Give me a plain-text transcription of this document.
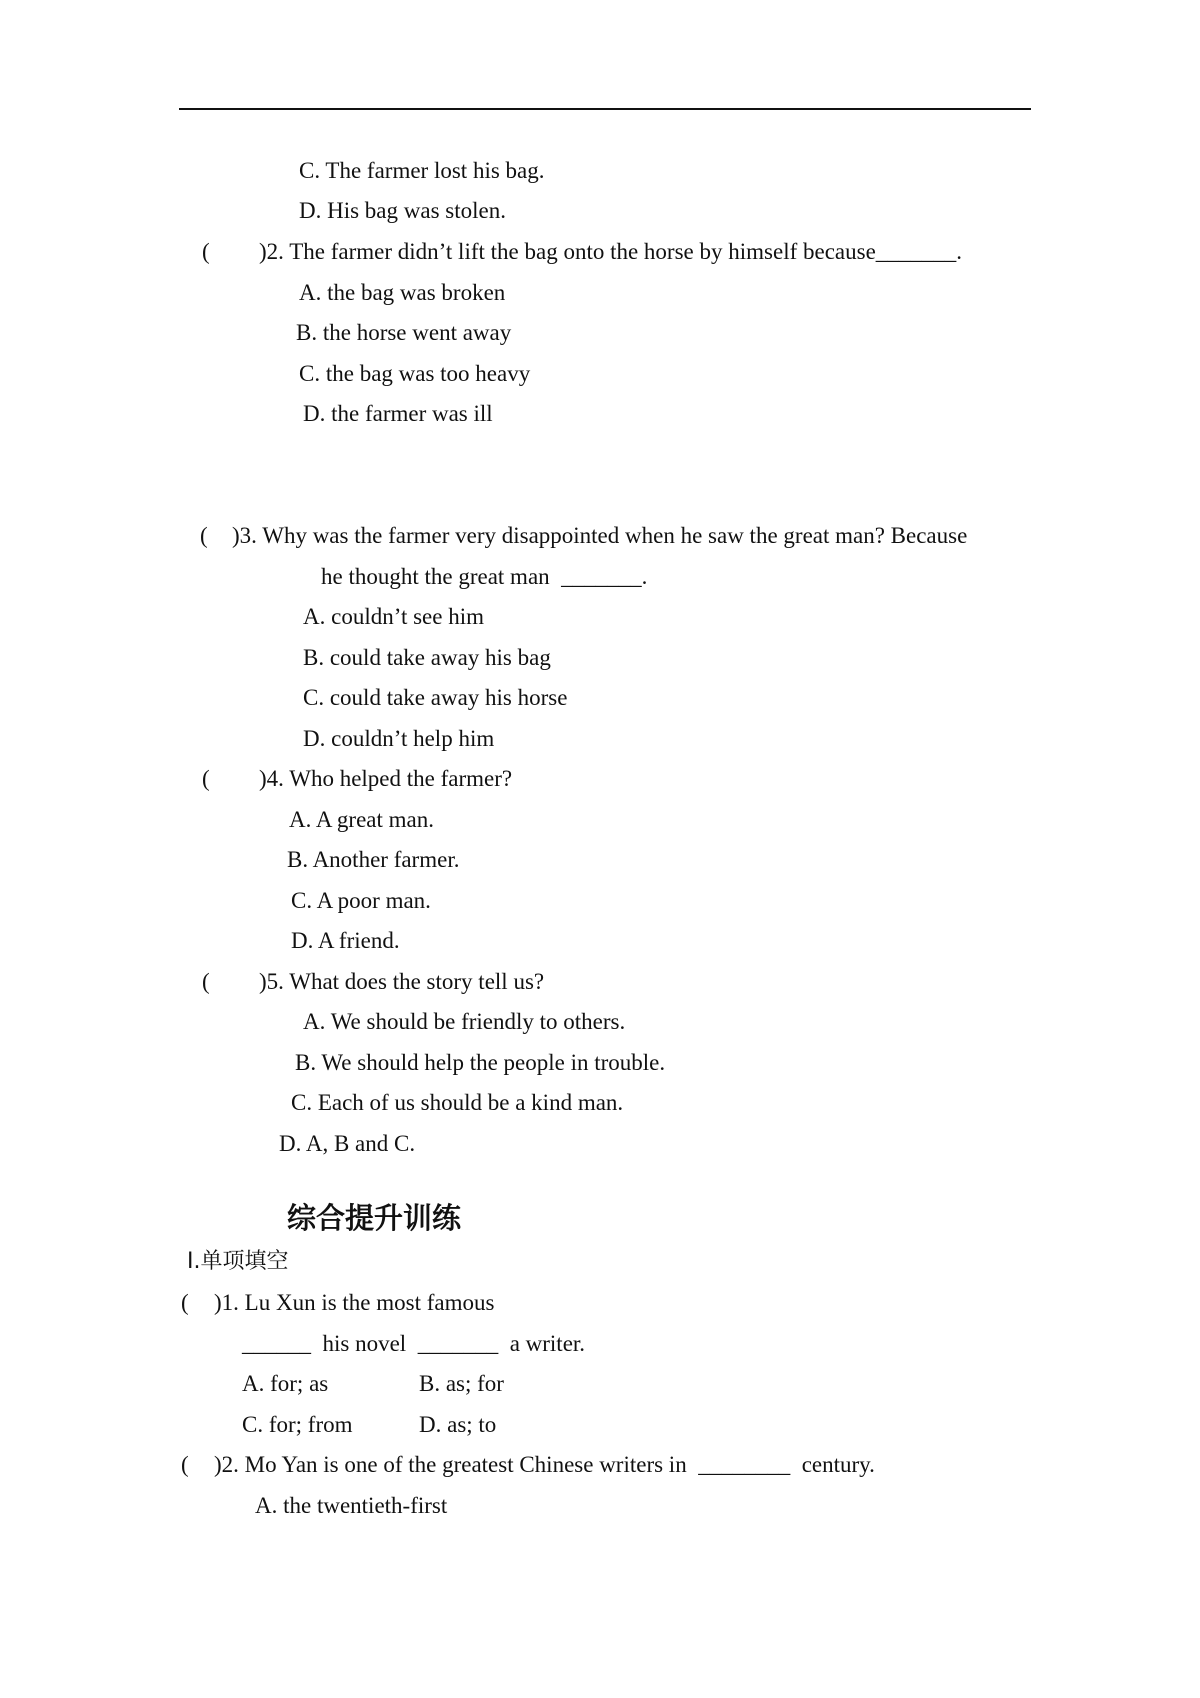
C. The farmer lost his bag.
D. His bag was stolen.
( )2. The farmer didn’t lift the bag onto the horse by himself because_______.
A. the bag was broken
B. the horse went away
C. the bag was too heavy
D. the farmer was ill
( )3. Why was the farmer very disappointed when he saw the great man? Because
he thought the great man  _______.
A. couldn’t see him
B. could take away his bag
C. could take away his horse
D. couldn’t help him
( )4. Who helped the farmer?
A. A great man.
B. Another farmer.
C. A poor man.
D. A friend.
( )5. What does the story tell us?
A. We should be friendly to others.
B. We should help the people in trouble.
C. Each of us should be a kind man.
D. A, B and C.
综合提升训练
Ⅰ.单项填空
( )1. Lu Xun is the most famous
______  his novel  _______  a writer.
A. for; as	B. as; for
C. for; from	D. as; to
( )2. Mo Yan is one of the greatest Chinese writers in  ________  century.
A. the twentieth-first
